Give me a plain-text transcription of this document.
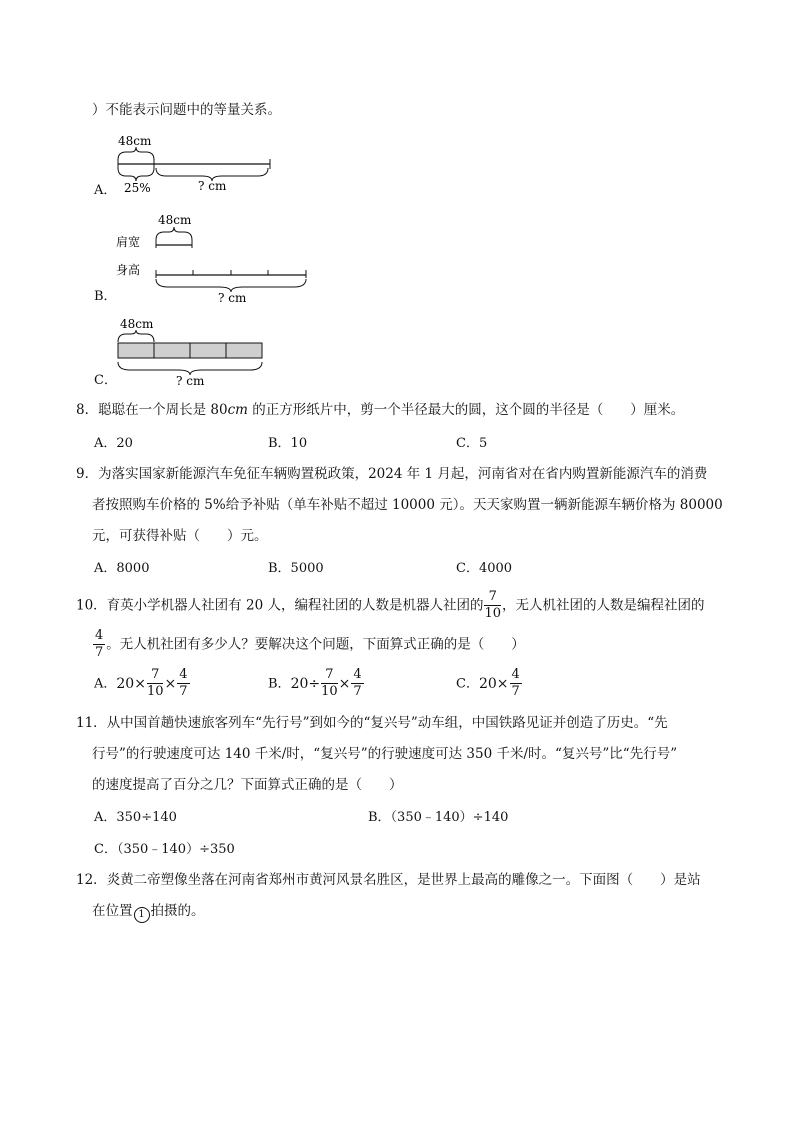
）不能表示问题中的等量关系。
A．
48cm
25%	? cm
B．
48cm
肩宽
身高
? cm
C．
48cm
? cm
8．聪聪在一个周长是 80cm 的正方形纸片中，剪一个半径最大的圆，这个圆的半径是（　　）厘米。
A．20	B．10	C．5
9．为落实国家新能源汽车免征车辆购置税政策，2024 年 1 月起，河南省对在省内购置新能源汽车的消费
者按照购车价格的 5%给予补贴（单车补贴不超过 10000 元）。天天家购置一辆新能源车辆价格为 80000
元，可获得补贴（　　）元。
A．8000	B．5000	C．4000
10．育英小学机器人社团有 20 人，编程社团的人数是机器人社团的 $\frac{7}{10}$ ，无人机社团的人数是编程社团的
$\frac{4}{7}$ 。无人机社团有多少人？要解决这个问题，下面算式正确的是（　　）
A．$20\times \frac{7}{10} \times \frac{4}{7}$	B．$20\div \frac{7}{10} \times \frac{4}{7}$	C．$20\times \frac{4}{7}$
11．从中国首趟快速旅客列车“先行号”到如今的“复兴号”动车组，中国铁路见证并创造了历史。“先
行号”的行驶速度可达 140 千米/时，“复兴号”的行驶速度可达 350 千米/时。“复兴号”比“先行号”
的速度提高了百分之几？下面算式正确的是（　　）
A．350÷140	B．（350﹣140）÷140
C．（350﹣140）÷350
12．炎黄二帝塑像坐落在河南省郑州市黄河风景名胜区，是世界上最高的雕像之一。下面图（　　）是站
在位置 1 拍摄的。
